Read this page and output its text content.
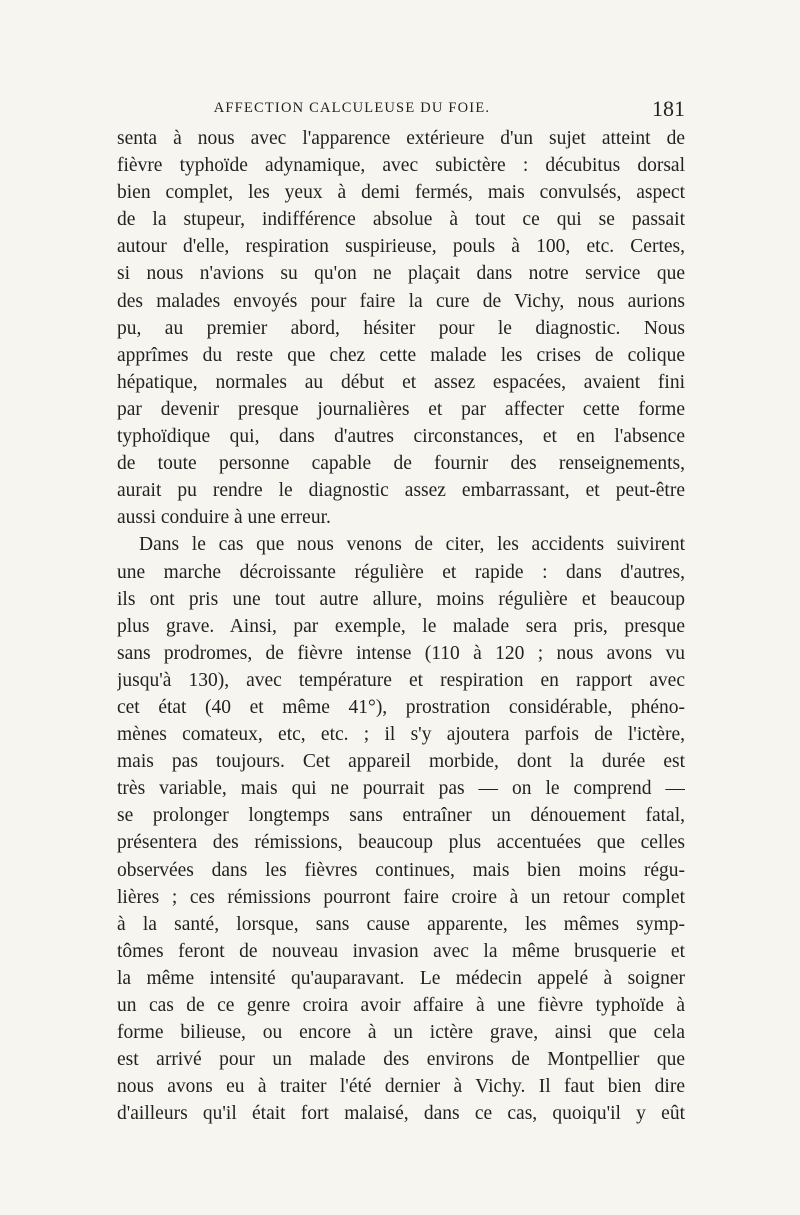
AFFECTION CALCULEUSE DU FOIE.	181
senta à nous avec l'apparence extérieure d'un sujet atteint de
fièvre typhoïde adynamique, avec subictère : décubitus dorsal
bien complet, les yeux à demi fermés, mais convulsés, aspect
de la stupeur, indifférence absolue à tout ce qui se passait
autour d'elle, respiration suspirieuse, pouls à 100, etc. Certes,
si nous n'avions su qu'on ne plaçait dans notre service que
des malades envoyés pour faire la cure de Vichy, nous aurions
pu, au premier abord, hésiter pour le diagnostic. Nous
apprîmes du reste que chez cette malade les crises de colique
hépatique, normales au début et assez espacées, avaient fini
par devenir presque journalières et par affecter cette forme
typhoïdique qui, dans d'autres circonstances, et en l'absence
de toute personne capable de fournir des renseignements,
aurait pu rendre le diagnostic assez embarrassant, et peut-être
aussi conduire à une erreur.
Dans le cas que nous venons de citer, les accidents suivirent
une marche décroissante régulière et rapide : dans d'autres,
ils ont pris une tout autre allure, moins régulière et beaucoup
plus grave. Ainsi, par exemple, le malade sera pris, presque
sans prodromes, de fièvre intense (110 à 120 ; nous avons vu
jusqu'à 130), avec température et respiration en rapport avec
cet état (40 et même 41°), prostration considérable, phéno-
mènes comateux, etc, etc. ; il s'y ajoutera parfois de l'ictère,
mais pas toujours. Cet appareil morbide, dont la durée est
très variable, mais qui ne pourrait pas — on le comprend —
se prolonger longtemps sans entraîner un dénouement fatal,
présentera des rémissions, beaucoup plus accentuées que celles
observées dans les fièvres continues, mais bien moins régu-
lières ; ces rémissions pourront faire croire à un retour complet
à la santé, lorsque, sans cause apparente, les mêmes symp-
tômes feront de nouveau invasion avec la même brusquerie et
la même intensité qu'auparavant. Le médecin appelé à soigner
un cas de ce genre croira avoir affaire à une fièvre typhoïde à
forme bilieuse, ou encore à un ictère grave, ainsi que cela
est arrivé pour un malade des environs de Montpellier que
nous avons eu à traiter l'été dernier à Vichy. Il faut bien dire
d'ailleurs qu'il était fort malaisé, dans ce cas, quoiqu'il y eût
